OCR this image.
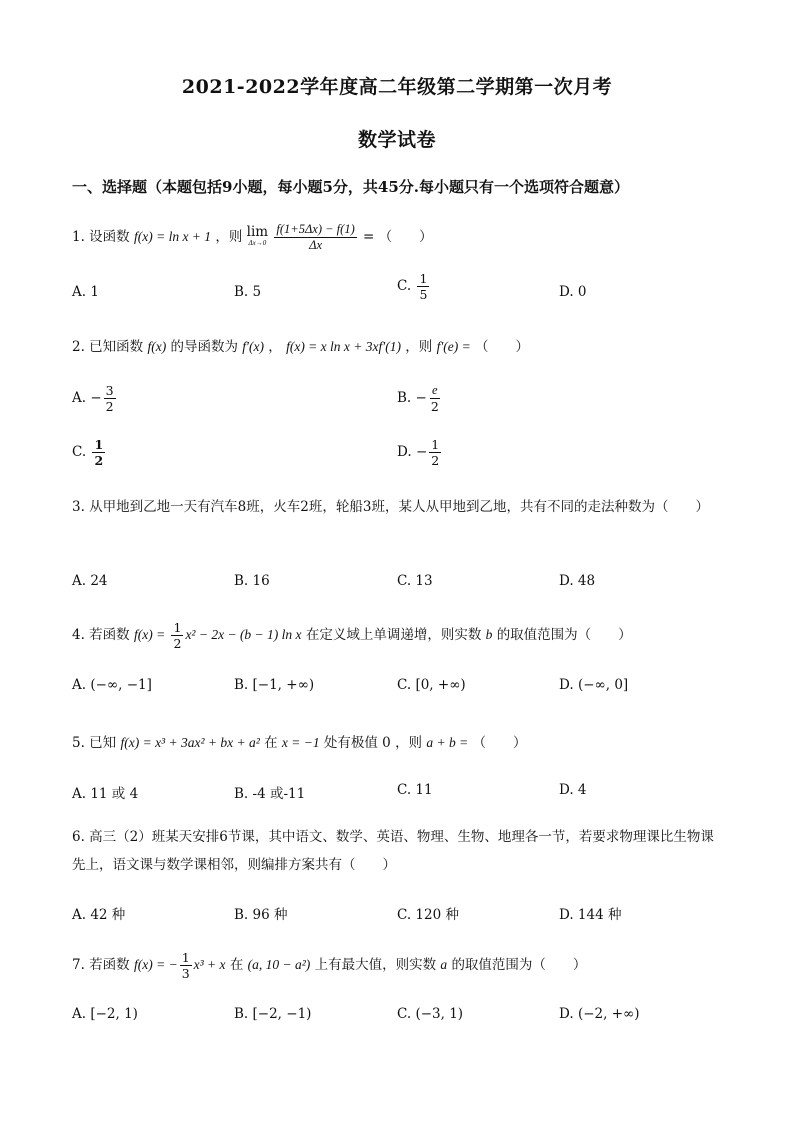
2021-2022学年度高二年级第二学期第一次月考
数学试卷
一、选择题（本题包括9小题，每小题5分，共45分.每小题只有一个选项符合题意）
1. 设函数 f(x) = ln x + 1 ，则 lim
Δx→0
$\frac{f(1+5\Delta x) - f(1)}{\Delta x}$ = （　　）
A. 1	B. 5	C. $\frac{1}{5}$	D. 0
2. 已知函数 f(x) 的导函数为 f′(x) ， f(x) = x ln x + 3xf′(1) ，则 f′(e) = （　　）
A. − $\frac{3}{2}$	B. − $\frac{e}{2}$
C. $\frac{1}{2}$	D. − $\frac{1}{2}$
3. 从甲地到乙地一天有汽车8班，火车2班，轮船3班，某人从甲地到乙地，共有不同的走法种数为（　　）
A. 24	B. 16	C. 13	D. 48
4. 若函数 $f(x) = \frac{1}{2} x^2 - 2x - (b - 1)$ ln x 在定义域上单调递增，则实数 b 的取值范围为（　　）
A. (−∞, −1]	B. [−1, +∞)	C. [0, +∞)	D. (−∞, 0]
5. 已知 f(x) = x³ + 3ax² + bx + a² 在 x = −1 处有极值 0 ，则 a + b = （　　）
A. 11 或 4	B. -4 或-11	C. 11	D. 4
6. 高三（2）班某天安排6节课，其中语文、数学、英语、物理、生物、地理各一节，若要求物理课比生物课先上，语文课与数学课相邻，则编排方案共有（　　）
A. 42 种	B. 96 种	C. 120 种	D. 144 种
7. 若函数 f(x) = − $\frac{1}{3} x^3 + x$ 在 (a, 10 − a²) 上有最大值，则实数 a 的取值范围为（　　）
A. [−2, 1)	B. [−2, −1)	C. (−3, 1)	D. (−2, +∞)
